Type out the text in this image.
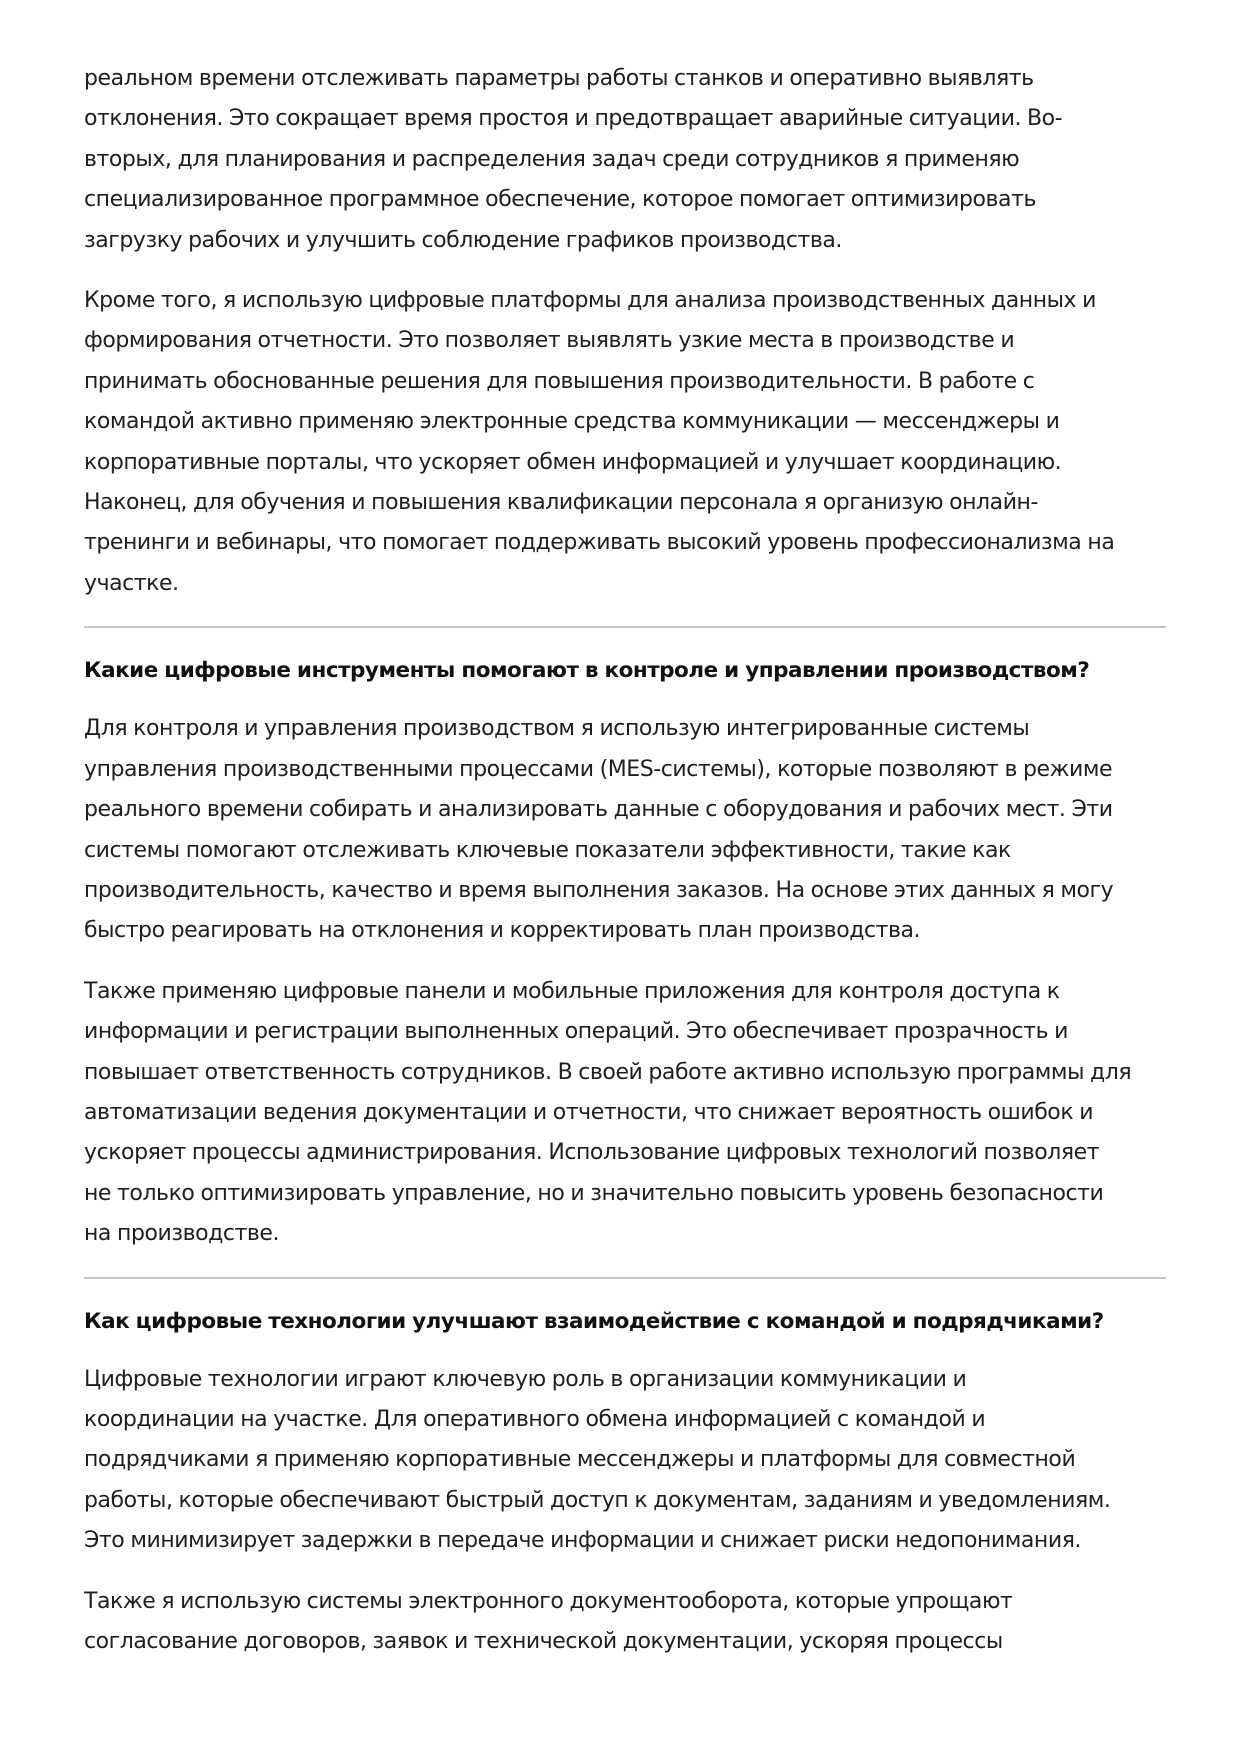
реальном времени отслеживать параметры работы станков и оперативно выявлять
отклонения. Это сокращает время простоя и предотвращает аварийные ситуации. Во-
вторых, для планирования и распределения задач среди сотрудников я применяю
специализированное программное обеспечение, которое помогает оптимизировать
загрузку рабочих и улучшить соблюдение графиков производства.

Кроме того, я использую цифровые платформы для анализа производственных данных и
формирования отчетности. Это позволяет выявлять узкие места в производстве и
принимать обоснованные решения для повышения производительности. В работе с
командой активно применяю электронные средства коммуникации — мессенджеры и
корпоративные порталы, что ускоряет обмен информацией и улучшает координацию.
Наконец, для обучения и повышения квалификации персонала я организую онлайн-
тренинги и вебинары, что помогает поддерживать высокий уровень профессионализма на
участке.

Какие цифровые инструменты помогают в контроле и управлении производством?

Для контроля и управления производством я использую интегрированные системы
управления производственными процессами (MES-системы), которые позволяют в режиме
реального времени собирать и анализировать данные с оборудования и рабочих мест. Эти
системы помогают отслеживать ключевые показатели эффективности, такие как
производительность, качество и время выполнения заказов. На основе этих данных я могу
быстро реагировать на отклонения и корректировать план производства.

Также применяю цифровые панели и мобильные приложения для контроля доступа к
информации и регистрации выполненных операций. Это обеспечивает прозрачность и
повышает ответственность сотрудников. В своей работе активно использую программы для
автоматизации ведения документации и отчетности, что снижает вероятность ошибок и
ускоряет процессы администрирования. Использование цифровых технологий позволяет
не только оптимизировать управление, но и значительно повысить уровень безопасности
на производстве.

Как цифровые технологии улучшают взаимодействие с командой и подрядчиками?

Цифровые технологии играют ключевую роль в организации коммуникации и
координации на участке. Для оперативного обмена информацией с командой и
подрядчиками я применяю корпоративные мессенджеры и платформы для совместной
работы, которые обеспечивают быстрый доступ к документам, заданиям и уведомлениям.
Это минимизирует задержки в передаче информации и снижает риски недопонимания.

Также я использую системы электронного документооборота, которые упрощают
согласование договоров, заявок и технической документации, ускоряя процессы
